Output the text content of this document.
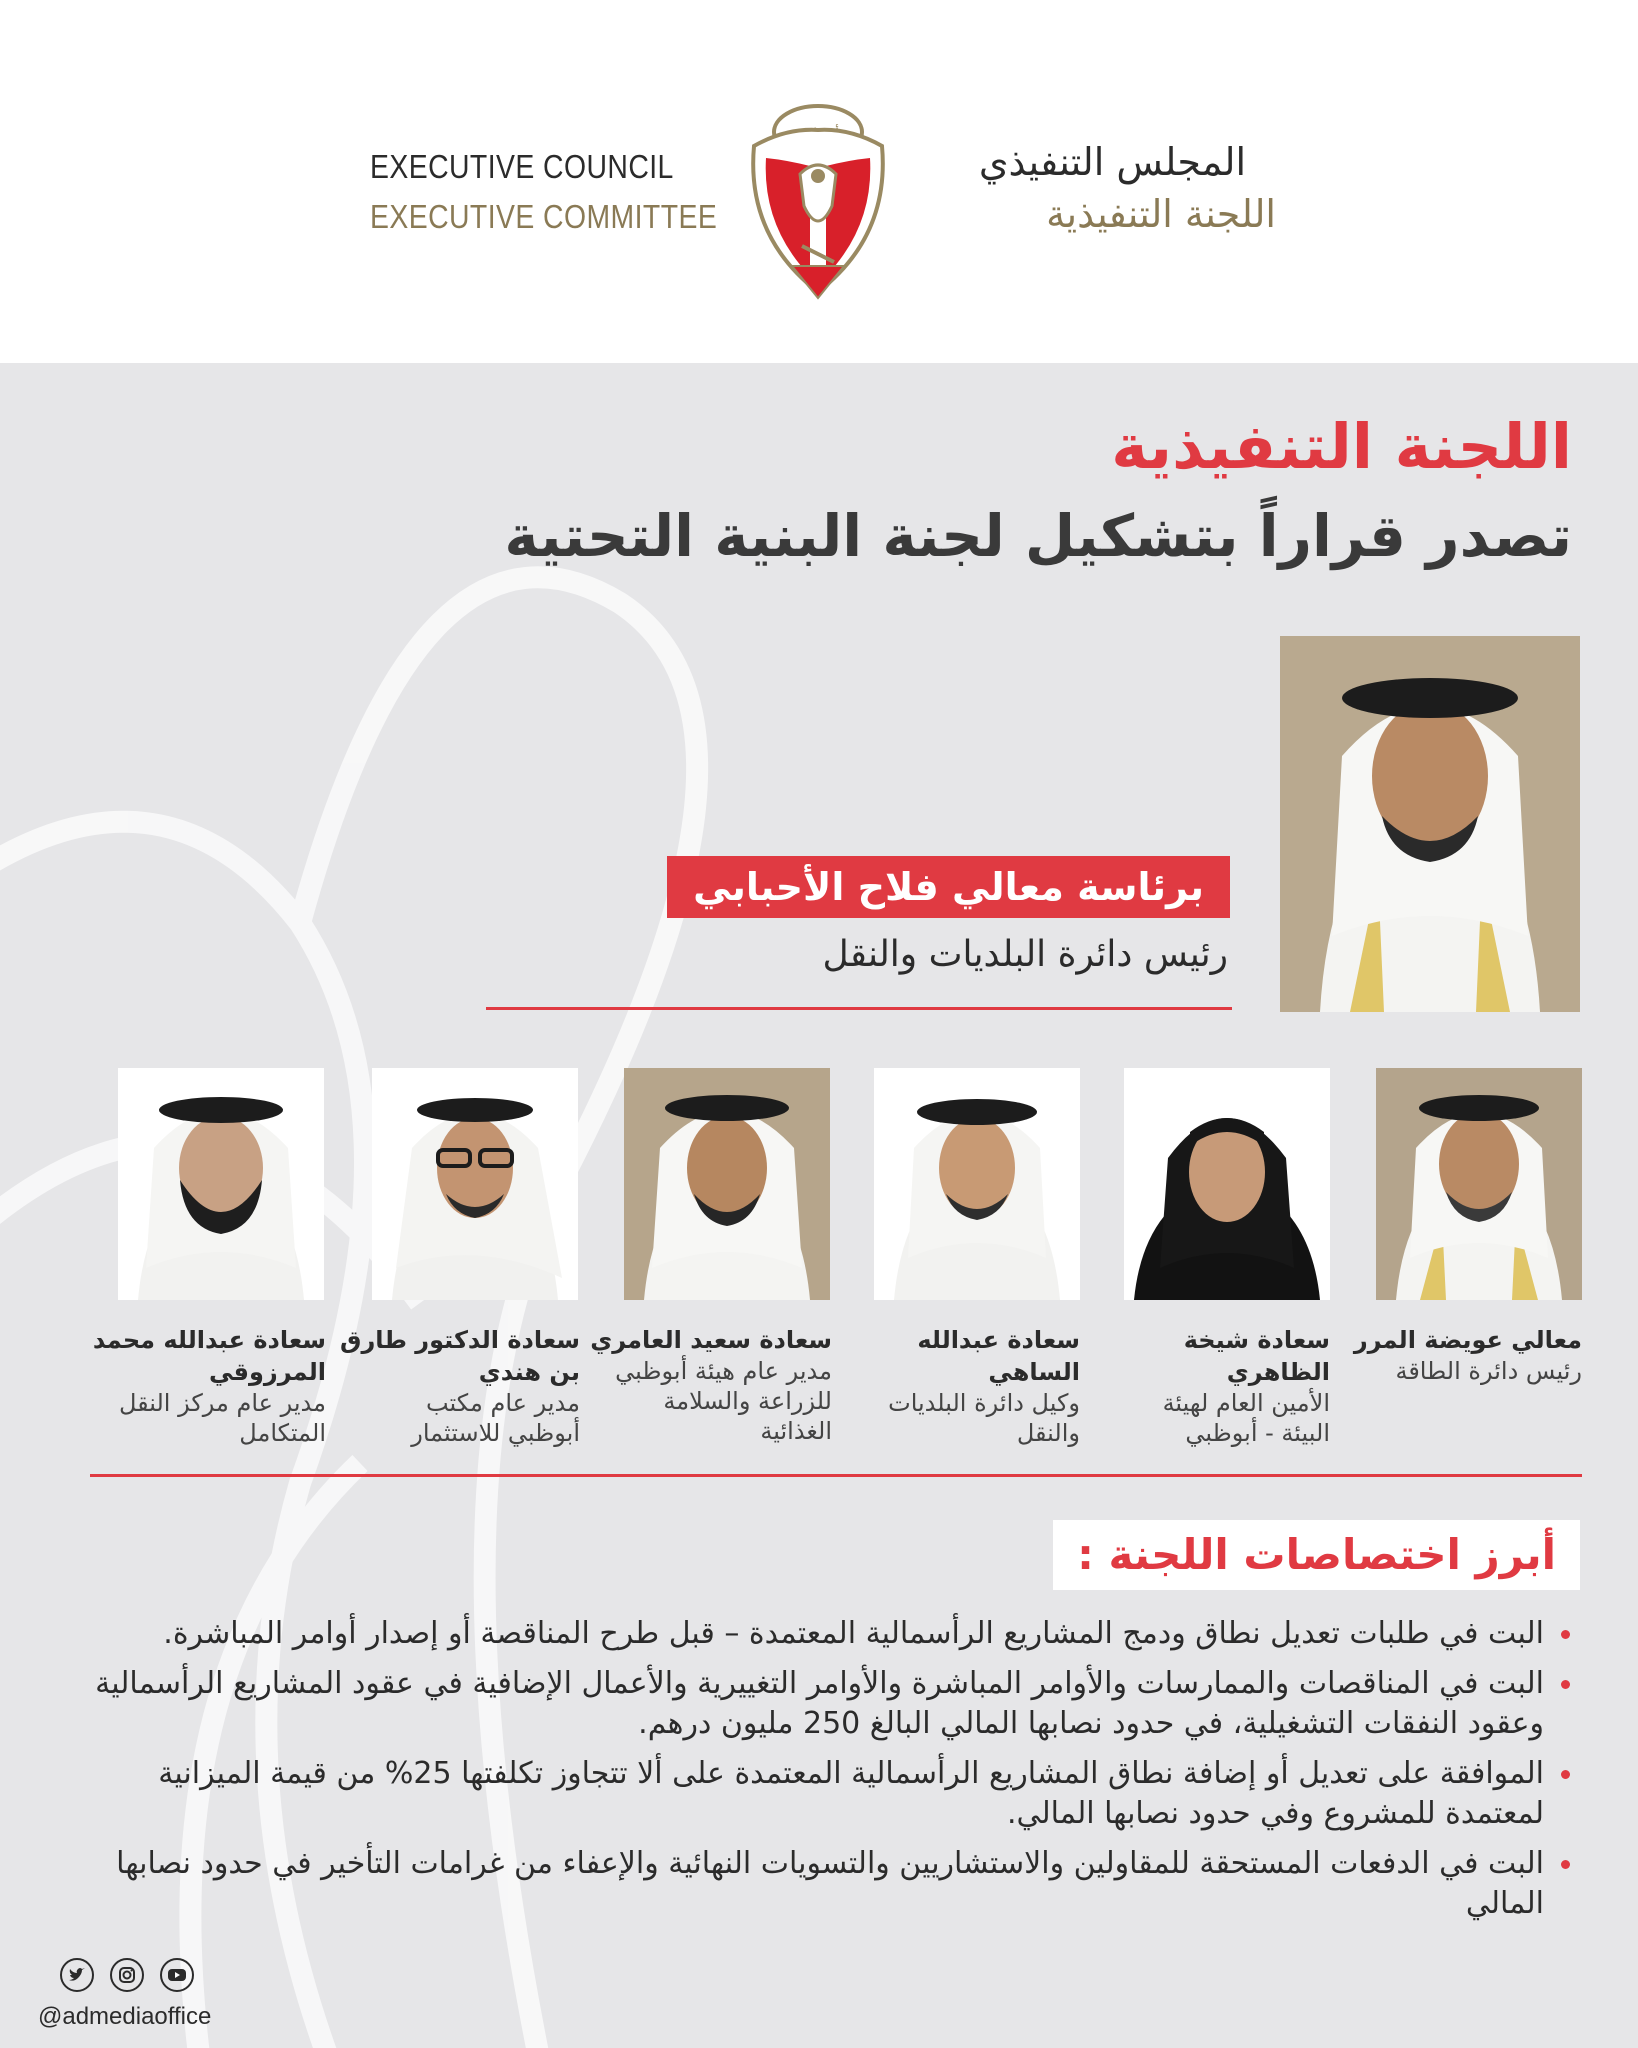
EXECUTIVE COUNCIL
EXECUTIVE COMMITTEE
المجلس التنفيذي
اللجنة التنفيذية
اللجنة التنفيذية
تصدر قراراً بتشكيل لجنة البنية التحتية
برئاسة معالي فلاح الأحبابي
رئيس دائرة البلديات والنقل
معالي عويضة المرر
رئيس دائرة الطاقة
سعادة شيخة الظاهري
الأمين العام لهيئة البيئة - أبوظبي
سعادة عبدالله الساهي
وكيل دائرة البلديات والنقل
سعادة سعيد العامري
مدير عام هيئة أبوظبي للزراعة والسلامة الغذائية
سعادة الدكتور طارق بن هندي
مدير عام مكتب أبوظبي للاستثمار
سعادة عبدالله محمد المرزوقي
مدير عام مركز النقل المتكامل
أبرز اختصاصات اللجنة :
البت في طلبات تعديل نطاق ودمج المشاريع الرأسمالية المعتمدة – قبل طرح المناقصة أو إصدار أوامر المباشرة.
البت في المناقصات والممارسات والأوامر المباشرة والأوامر التغييرية والأعمال الإضافية في عقود المشاريع الرأسمالية وعقود النفقات التشغيلية، في حدود نصابها المالي البالغ 250 مليون درهم.
الموافقة على تعديل أو إضافة نطاق المشاريع الرأسمالية المعتمدة على ألا تتجاوز تكلفتها 25% من قيمة الميزانية لمعتمدة للمشروع وفي حدود نصابها المالي.
البت في الدفعات المستحقة للمقاولين والاستشاريين والتسويات النهائية والإعفاء من غرامات التأخير في حدود نصابها المالي
@admediaoffice
